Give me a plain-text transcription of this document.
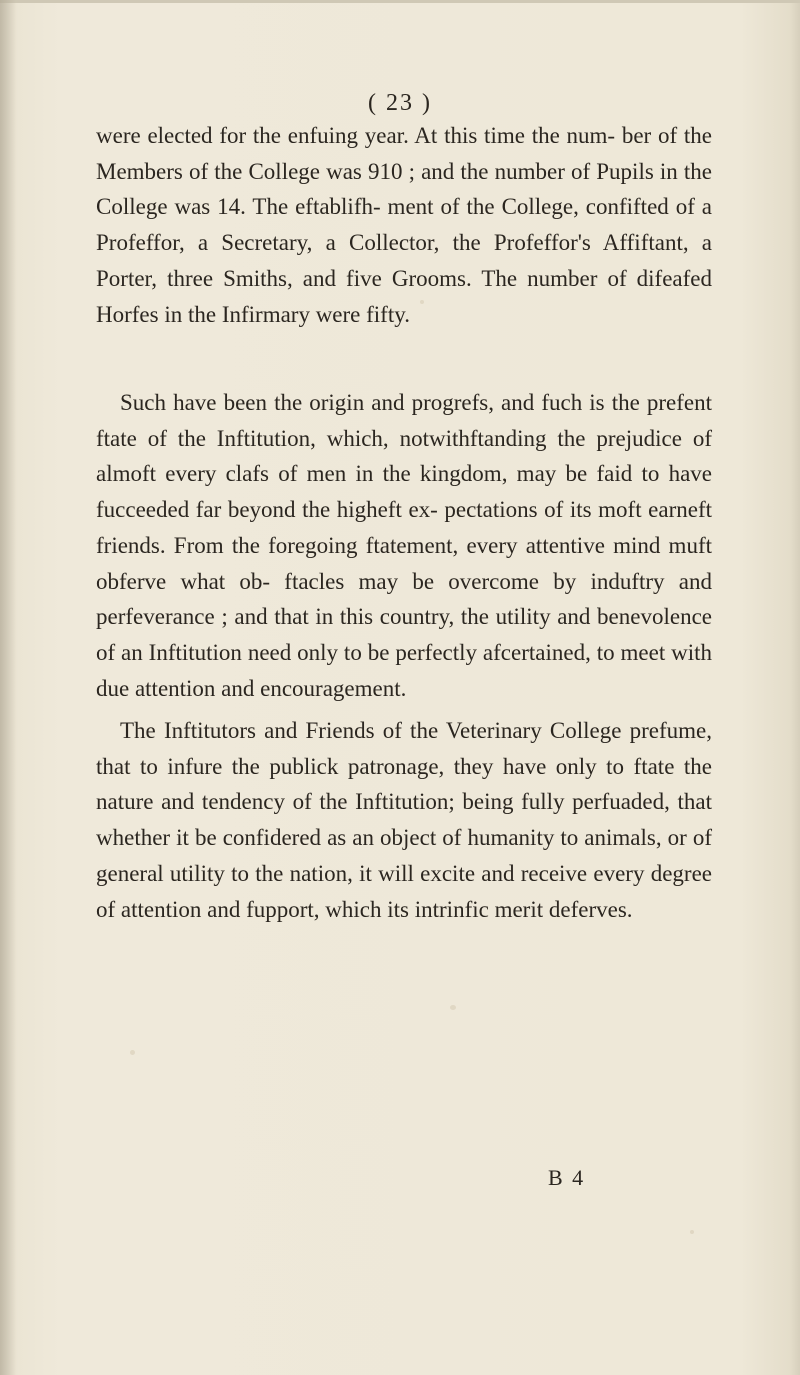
( 23 )

were elected for the enfuing year. At this time the num- ber of the Members of the College was 910 ; and the number of Pupils in the College was 14. The eftablifh- ment of the College, confifted of a Profeffor, a Secretary, a Collector, the Profeffor's Affiftant, a Porter, three Smiths, and five Grooms. The number of difeafed Horfes in the Infirmary were fifty.

Such have been the origin and progrefs, and fuch is the prefent ftate of the Inftitution, which, notwithftanding the prejudice of almoft every clafs of men in the kingdom, may be faid to have fucceeded far beyond the higheft ex- pectations of its moft earneft friends. From the foregoing ftatement, every attentive mind muft obferve what ob- ftacles may be overcome by induftry and perfeverance ; and that in this country, the utility and benevolence of an Inftitution need only to be perfectly afcertained, to meet with due attention and encouragement.

The Inftitutors and Friends of the Veterinary College prefume, that to infure the publick patronage, they have only to ftate the nature and tendency of the Inftitution; being fully perfuaded, that whether it be confidered as an object of humanity to animals, or of general utility to the nation, it will excite and receive every degree of attention and fupport, which its intrinfic merit deferves.

B 4
